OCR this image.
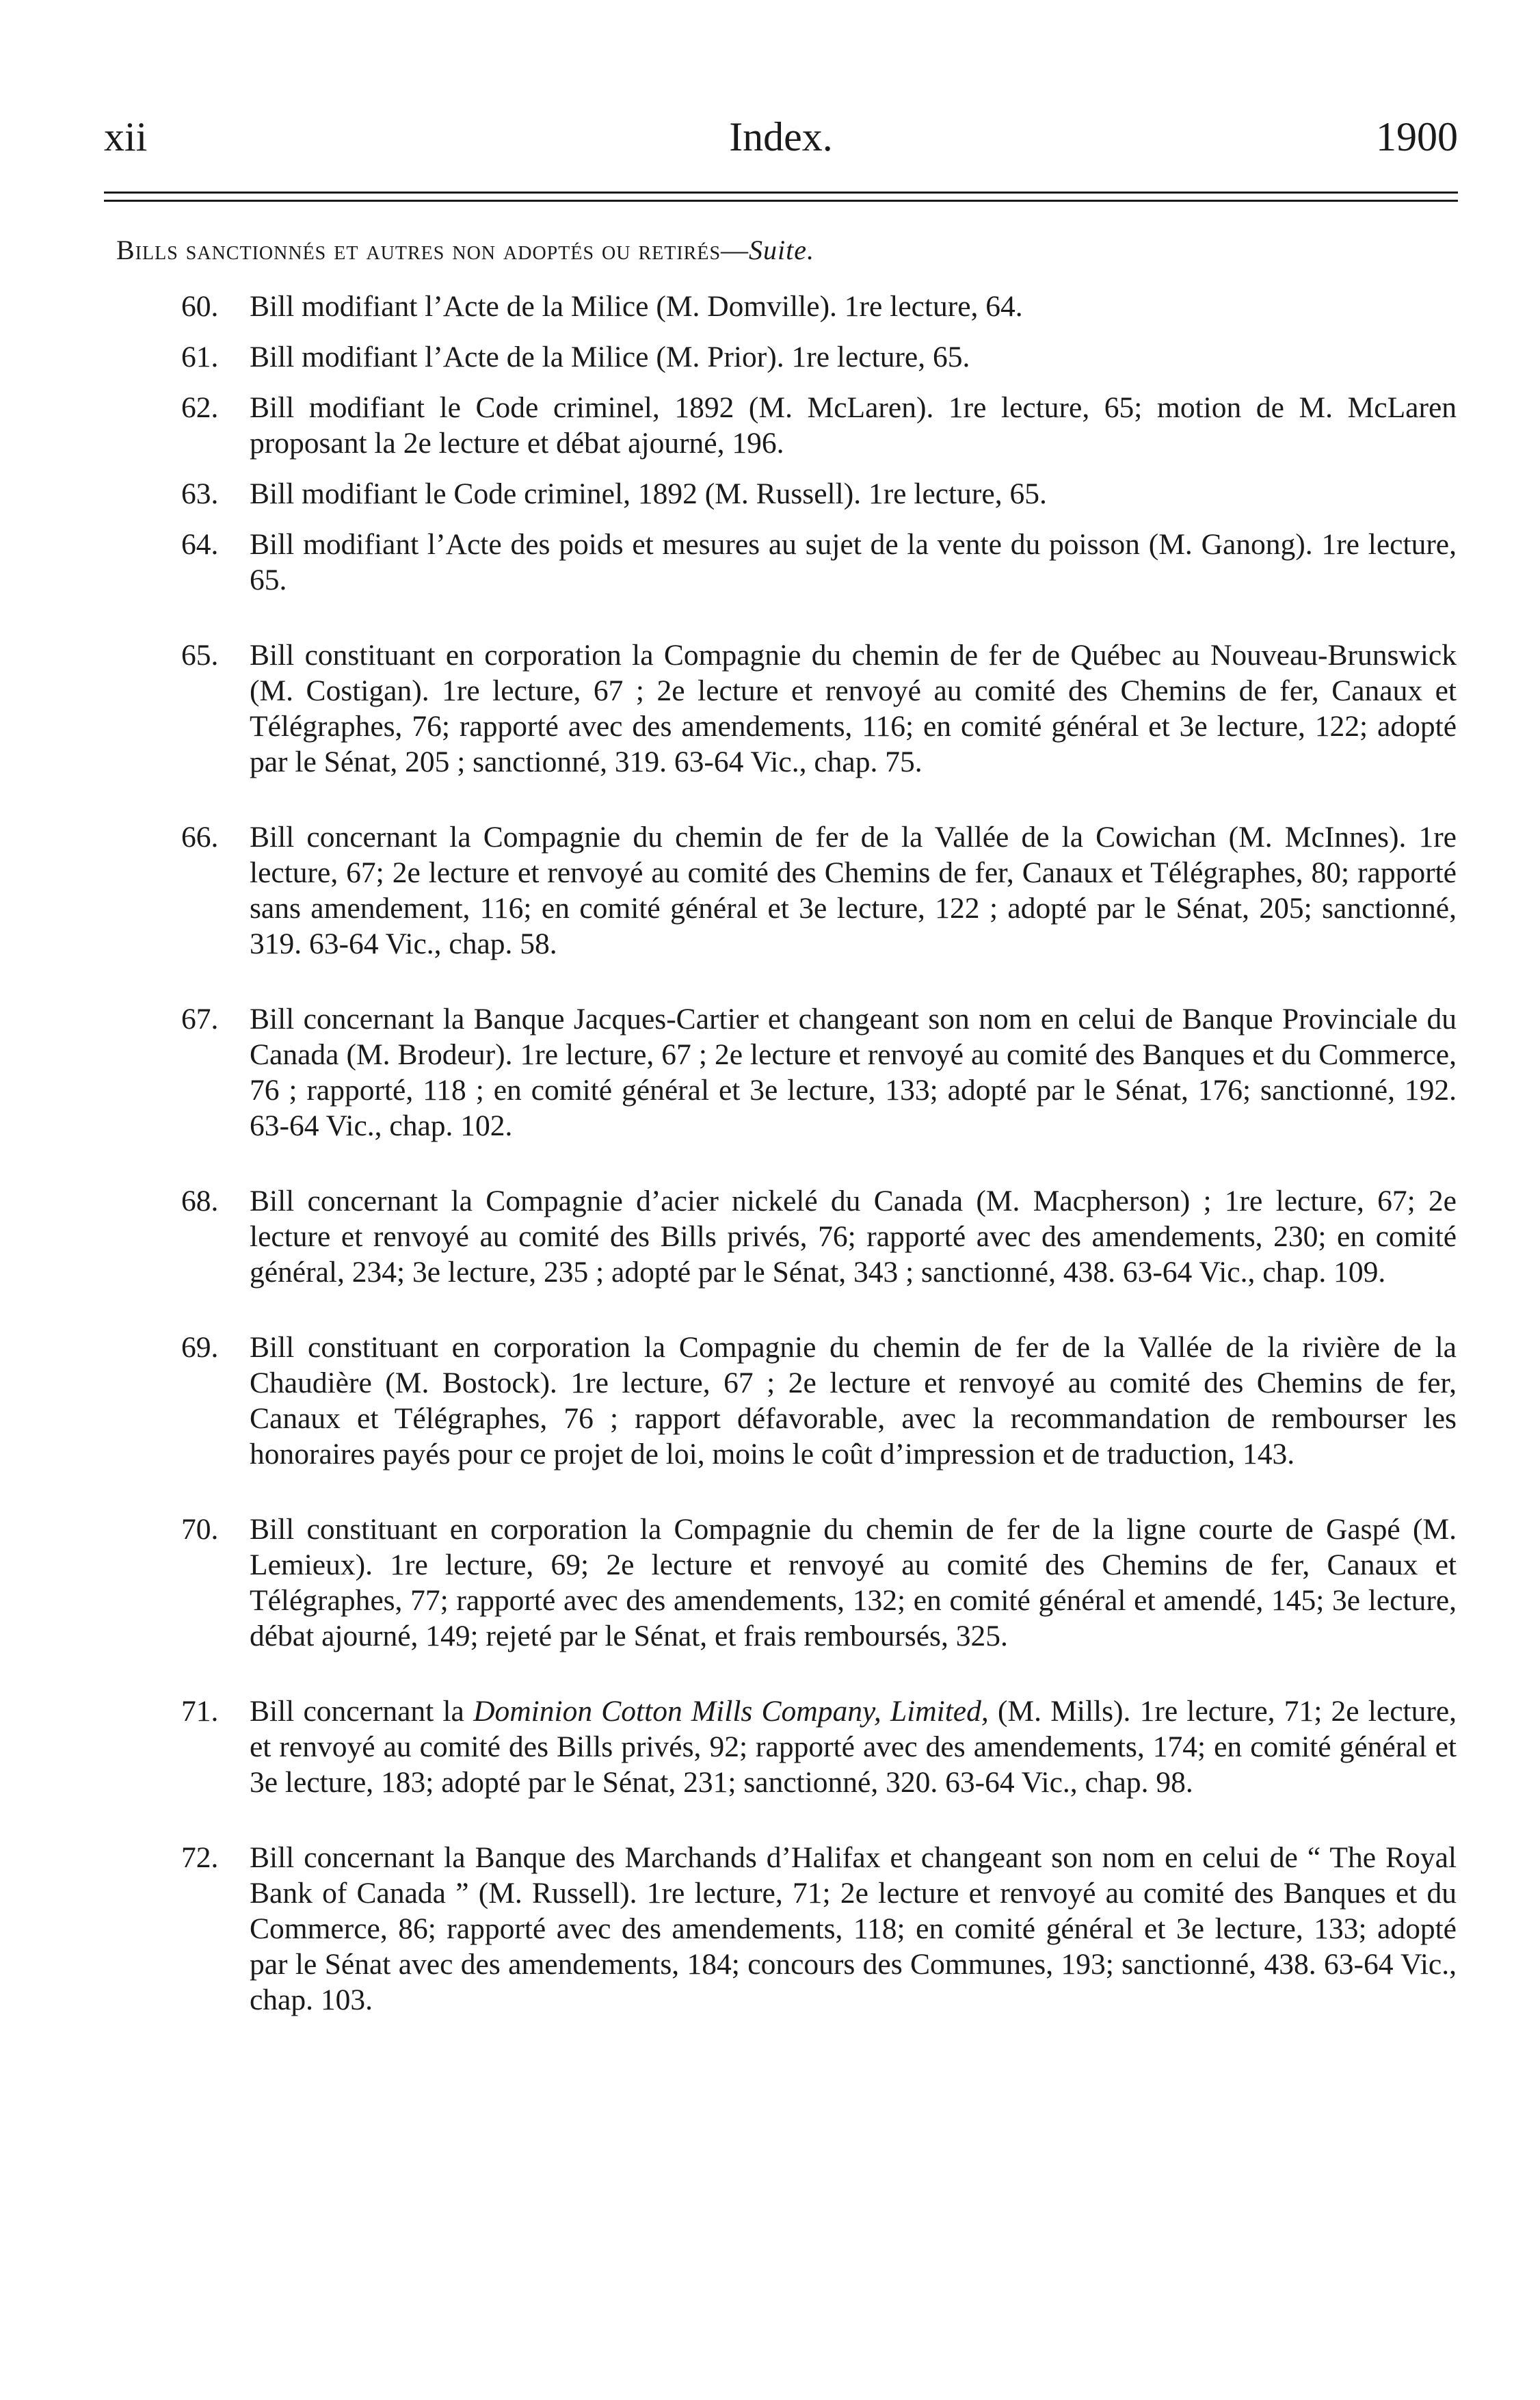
xii	Index.	1900
Bills sanctionnés et autres non adoptés ou retirés—Suite.
60.	Bill modifiant l’Acte de la Milice (M. Domville). 1re lecture, 64.
61.	Bill modifiant l’Acte de la Milice (M. Prior). 1re lecture, 65.
62.	Bill modifiant le Code criminel, 1892 (M. McLaren). 1re lecture, 65; motion de M. McLaren proposant la 2e lecture et débat ajourné, 196.
63.	Bill modifiant le Code criminel, 1892 (M. Russell). 1re lecture, 65.
64.	Bill modifiant l’Acte des poids et mesures au sujet de la vente du poisson (M. Ganong). 1re lecture, 65.
65.	Bill constituant en corporation la Compagnie du chemin de fer de Québec au Nouveau-Brunswick (M. Costigan). 1re lecture, 67 ; 2e lecture et renvoyé au comité des Chemins de fer, Canaux et Télégraphes, 76; rapporté avec des amendements, 116; en comité général et 3e lecture, 122; adopté par le Sénat, 205 ; sanctionné, 319. 63-64 Vic., chap. 75.
66.	Bill concernant la Compagnie du chemin de fer de la Vallée de la Cowichan (M. McInnes). 1re lecture, 67; 2e lecture et renvoyé au comité des Chemins de fer, Canaux et Télégraphes, 80; rapporté sans amendement, 116; en comité général et 3e lecture, 122 ; adopté par le Sénat, 205; sanctionné, 319. 63-64 Vic., chap. 58.
67.	Bill concernant la Banque Jacques-Cartier et changeant son nom en celui de Banque Provinciale du Canada (M. Brodeur). 1re lecture, 67 ; 2e lecture et renvoyé au comité des Banques et du Commerce, 76 ; rapporté, 118 ; en comité général et 3e lecture, 133; adopté par le Sénat, 176; sanctionné, 192. 63-64 Vic., chap. 102.
68.	Bill concernant la Compagnie d’acier nickelé du Canada (M. Macpherson) ; 1re lecture, 67; 2e lecture et renvoyé au comité des Bills privés, 76; rapporté avec des amendements, 230; en comité général, 234; 3e lecture, 235 ; adopté par le Sénat, 343 ; sanctionné, 438. 63-64 Vic., chap. 109.
69.	Bill constituant en corporation la Compagnie du chemin de fer de la Vallée de la rivière de la Chaudière (M. Bostock). 1re lecture, 67 ; 2e lecture et renvoyé au comité des Chemins de fer, Canaux et Télégraphes, 76 ; rapport défavorable, avec la recommandation de rembourser les honoraires payés pour ce projet de loi, moins le coût d’impression et de traduction, 143.
70.	Bill constituant en corporation la Compagnie du chemin de fer de la ligne courte de Gaspé (M. Lemieux). 1re lecture, 69; 2e lecture et renvoyé au comité des Chemins de fer, Canaux et Télégraphes, 77; rapporté avec des amendements, 132; en comité général et amendé, 145; 3e lecture, débat ajourné, 149; rejeté par le Sénat, et frais remboursés, 325.
71.	Bill concernant la Dominion Cotton Mills Company, Limited, (M. Mills). 1re lecture, 71; 2e lecture, et renvoyé au comité des Bills privés, 92; rapporté avec des amendements, 174; en comité général et 3e lecture, 183; adopté par le Sénat, 231; sanctionné, 320. 63-64 Vic., chap. 98.
72.	Bill concernant la Banque des Marchands d’Halifax et changeant son nom en celui de “ The Royal Bank of Canada ” (M. Russell). 1re lecture, 71; 2e lecture et renvoyé au comité des Banques et du Commerce, 86; rapporté avec des amendements, 118; en comité général et 3e lecture, 133; adopté par le Sénat avec des amendements, 184; concours des Communes, 193; sanctionné, 438. 63-64 Vic., chap. 103.
